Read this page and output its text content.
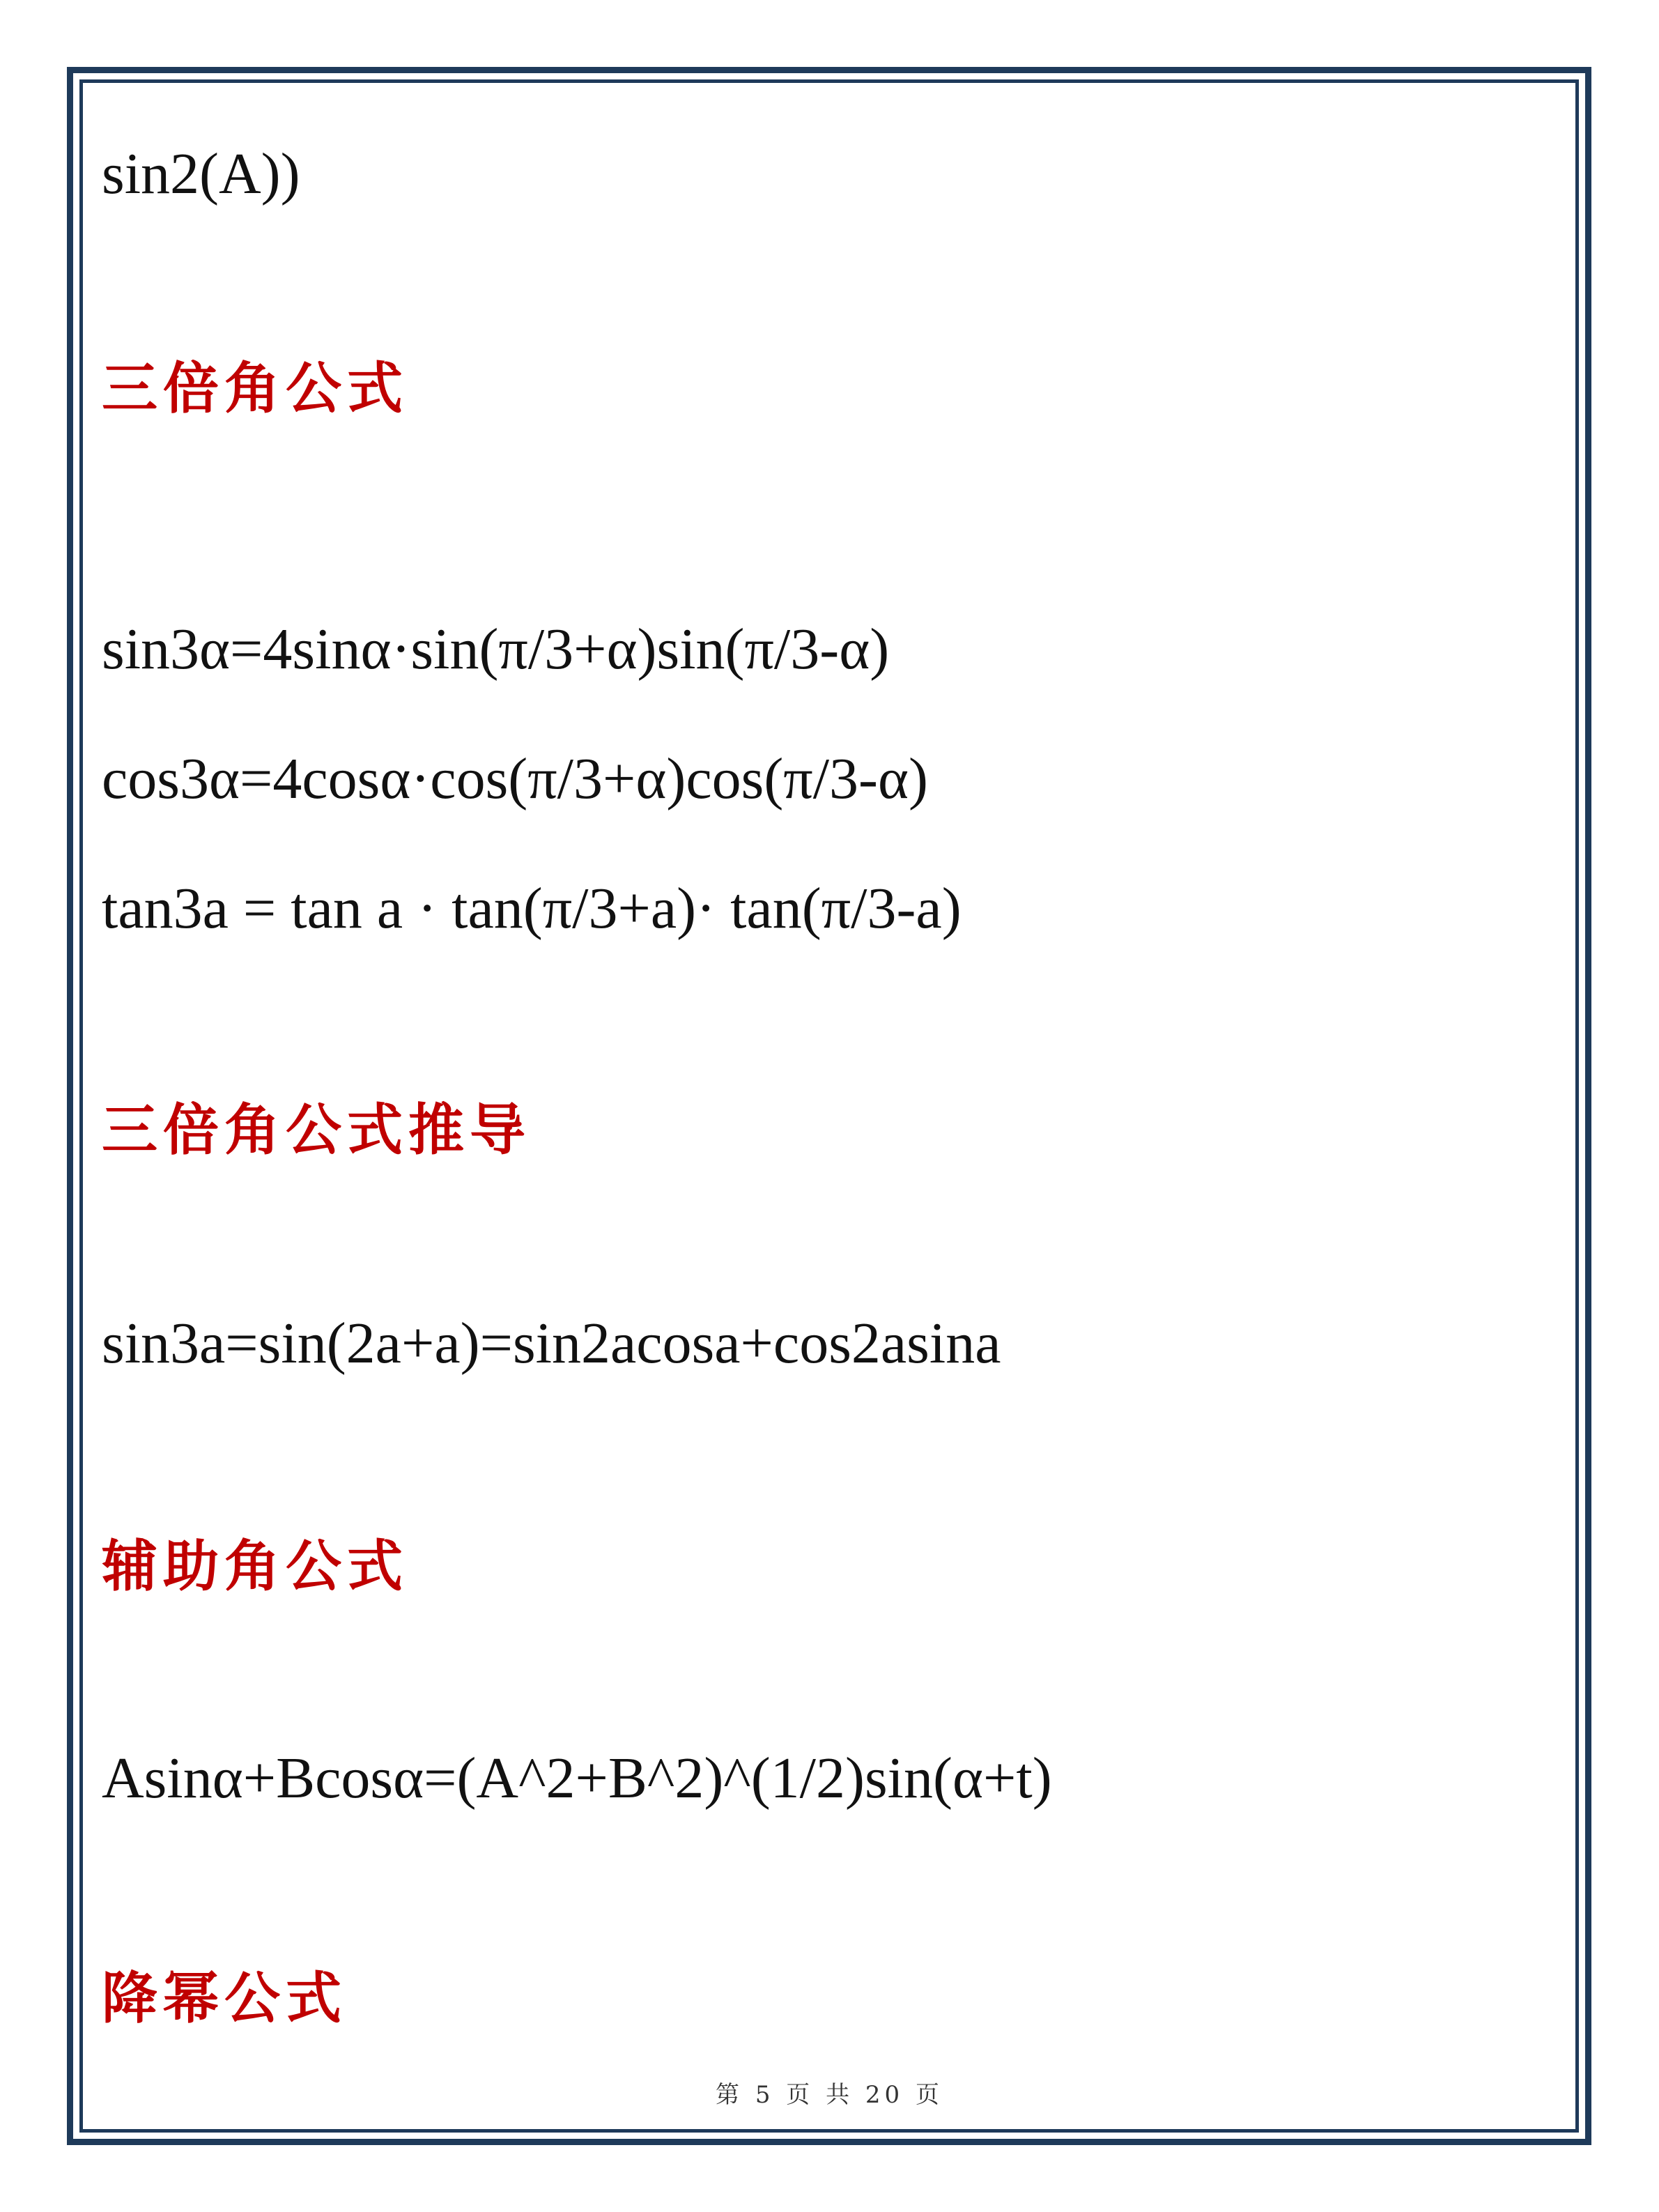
sin2(A))
三倍角公式
sin3α=4sinα·sin(π/3+α)sin(π/3-α)
cos3α=4cosα·cos(π/3+α)cos(π/3-α)
tan3a = tan a · tan(π/3+a)· tan(π/3-a)
三倍角公式推导
sin3a=sin(2a+a)=sin2acosa+cos2asina
辅助角公式
Asinα+Bcosα=(A^2+B^2)^(1/2)sin(α+t)
降幂公式
第 5 页 共 20 页
